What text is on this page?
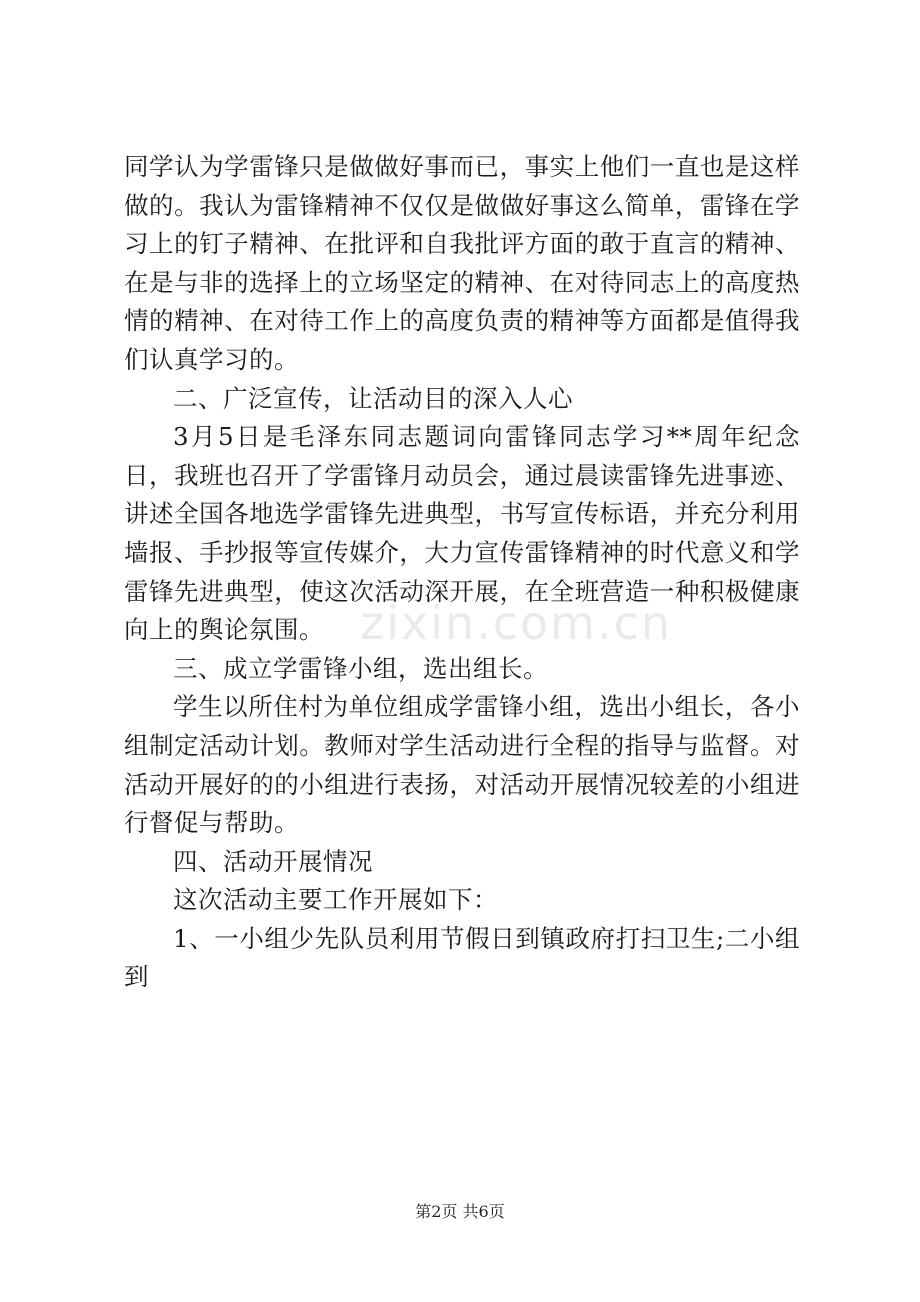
同学认为学雷锋只是做做好事而已，事实上他们一直也是这样做的。我认为雷锋精神不仅仅是做做好事这么简单，雷锋在学习上的钉子精神、在批评和自我批评方面的敢于直言的精神、在是与非的选择上的立场坚定的精神、在对待同志上的高度热情的精神、在对待工作上的高度负责的精神等方面都是值得我们认真学习的。

二、广泛宣传，让活动目的深入人心

3月5日是毛泽东同志题词向雷锋同志学习**周年纪念日，我班也召开了学雷锋月动员会，通过晨读雷锋先进事迹、讲述全国各地选学雷锋先进典型，书写宣传标语，并充分利用墙报、手抄报等宣传媒介，大力宣传雷锋精神的时代意义和学雷锋先进典型，使这次活动深开展，在全班营造一种积极健康向上的舆论氛围。

三、成立学雷锋小组，选出组长。

学生以所住村为单位组成学雷锋小组，选出小组长，各小组制定活动计划。教师对学生活动进行全程的指导与监督。对活动开展好的的小组进行表扬，对活动开展情况较差的小组进行督促与帮助。

四、活动开展情况

这次活动主要工作开展如下：

1、一小组少先队员利用节假日到镇政府打扫卫生;二小组到

zixin.com.cn
第2页 共6页
